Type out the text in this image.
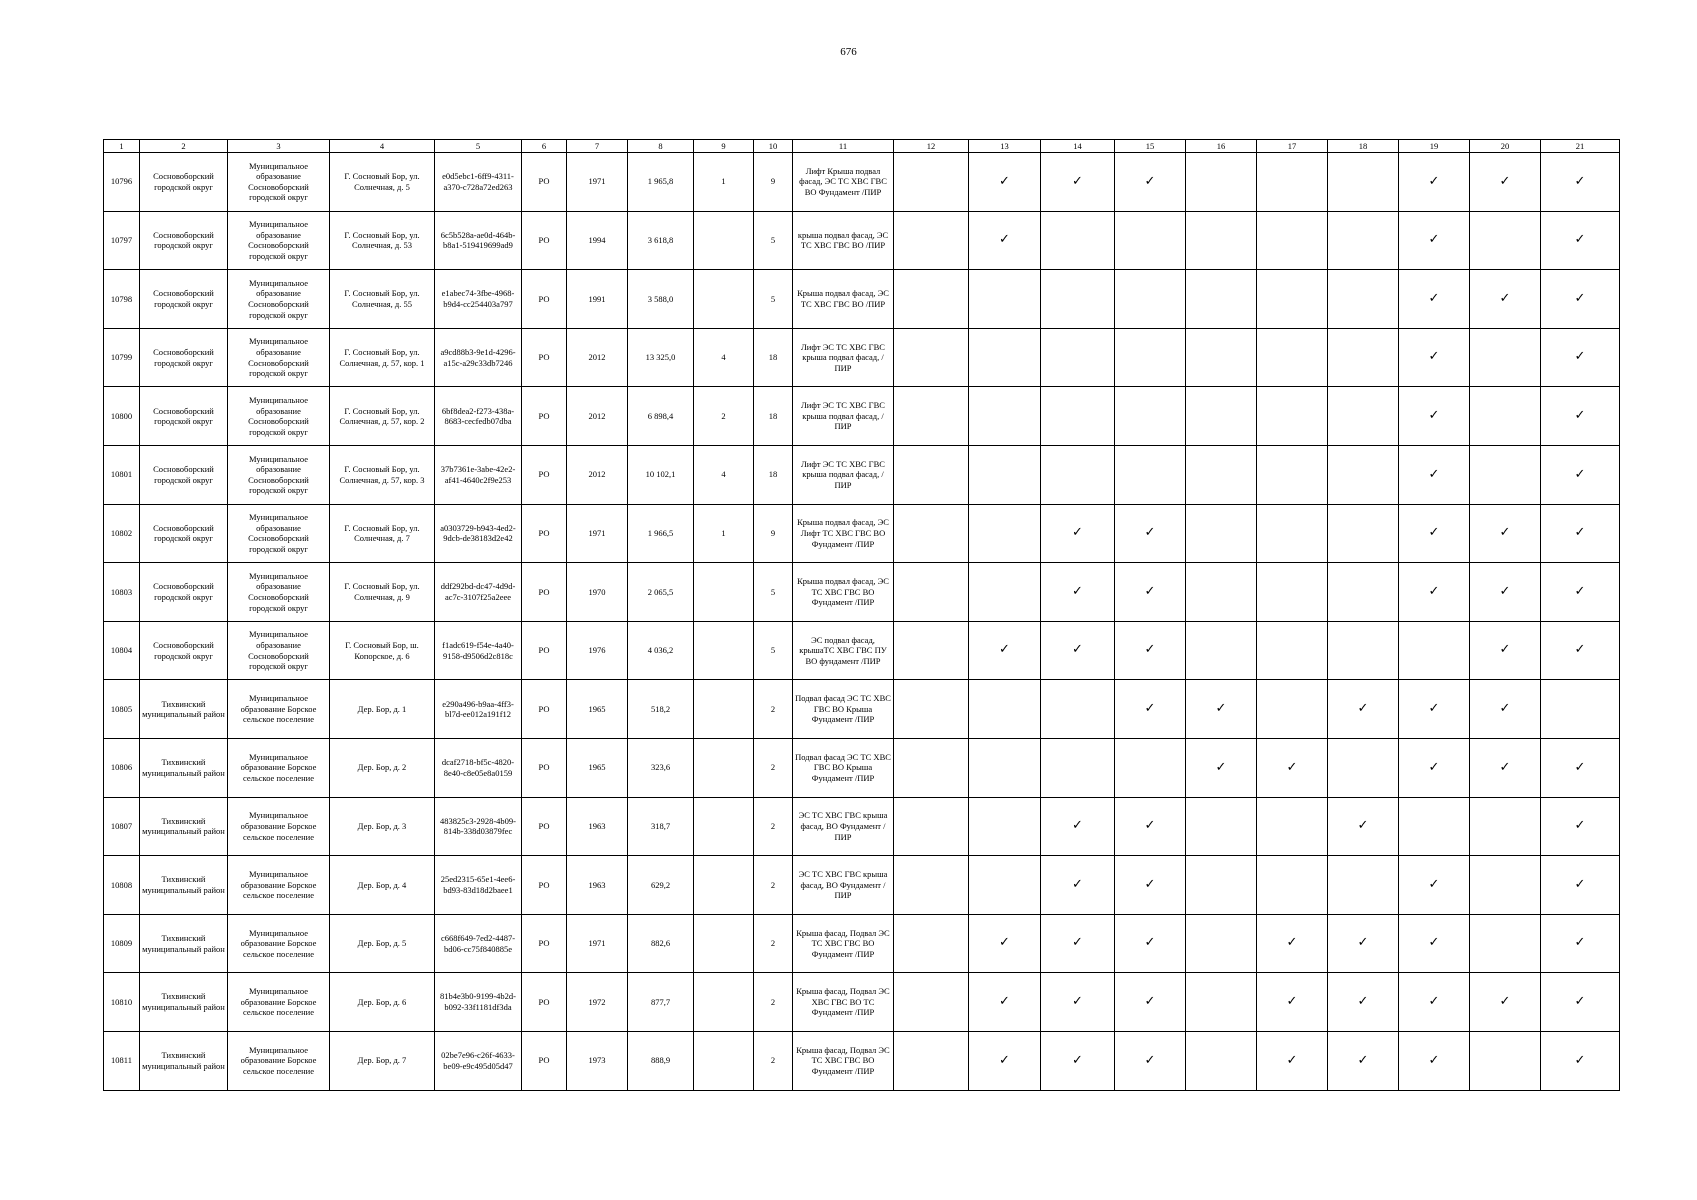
676
1	2	3	4	5	6	7	8	9	10	11	12	13	14	15	16	17	18	19	20	21
10796	Сосновоборский городской округ	Муниципальное образование Сосновоборский городской округ	Г. Сосновый Бор, ул. Солнечная, д. 5	e0d5ebc1-6ff9-4311-a370-c728a72ed263	РО	1971	1 965,8	1	9	Лифт Крыша подвал фасад, ЭС ТС ХВС ГВС ВО Фундамент /ПИР		✓	✓	✓				✓	✓	✓
10797	Сосновоборский городской округ	Муниципальное образование Сосновоборский городской округ	Г. Сосновый Бор, ул. Солнечная, д. 53	6c5b528a-ae0d-464b-b8a1-519419699ad9	РО	1994	3 618,8		5	крыша подвал фасад, ЭС ТС ХВС ГВС ВО /ПИР		✓						✓		✓
10798	Сосновоборский городской округ	Муниципальное образование Сосновоборский городской округ	Г. Сосновый Бор, ул. Солнечная, д. 55	e1abec74-3fbe-4968-b9d4-cc254403a797	РО	1991	3 588,0		5	Крыша подвал фасад, ЭС ТС ХВС ГВС ВО /ПИР								✓	✓	✓
10799	Сосновоборский городской округ	Муниципальное образование Сосновоборский городской округ	Г. Сосновый Бор, ул. Солнечная, д. 57, кор. 1	a9cd88b3-9e1d-4296-a15c-a29c33db7246	РО	2012	13 325,0	4	18	Лифт ЭС ТС ХВС ГВС крыша подвал фасад, /ПИР								✓		✓
10800	Сосновоборский городской округ	Муниципальное образование Сосновоборский городской округ	Г. Сосновый Бор, ул. Солнечная, д. 57, кор. 2	6bf8dea2-f273-438a-8683-cecfedb07dba	РО	2012	6 898,4	2	18	Лифт ЭС ТС ХВС ГВС крыша подвал фасад, /ПИР								✓		✓
10801	Сосновоборский городской округ	Муниципальное образование Сосновоборский городской округ	Г. Сосновый Бор, ул. Солнечная, д. 57, кор. 3	37b7361e-3abe-42e2-af41-4640c2f9e253	РО	2012	10 102,1	4	18	Лифт ЭС ТС ХВС ГВС крыша подвал фасад, /ПИР								✓		✓
10802	Сосновоборский городской округ	Муниципальное образование Сосновоборский городской округ	Г. Сосновый Бор, ул. Солнечная, д. 7	a0303729-b943-4ed2-9dcb-de38183d2e42	РО	1971	1 966,5	1	9	Крыша подвал фасад, ЭС Лифт ТС ХВС ГВС ВО Фундамент /ПИР			✓	✓				✓	✓	✓
10803	Сосновоборский городской округ	Муниципальное образование Сосновоборский городской округ	Г. Сосновый Бор, ул. Солнечная, д. 9	ddf292bd-dc47-4d9d-ac7c-3107f25a2eee	РО	1970	2 065,5		5	Крыша подвал фасад, ЭС ТС ХВС ГВС ВО Фундамент /ПИР			✓	✓				✓	✓	✓
10804	Сосновоборский городской округ	Муниципальное образование Сосновоборский городской округ	Г. Сосновый Бор, ш. Копорское, д. 6	f1adc619-f54e-4a40-9158-d9506d2c818c	РО	1976	4 036,2		5	ЭС подвал фасад, крышаТС ХВС ГВС ПУ ВО фундамент /ПИР		✓	✓	✓					✓	✓
10805	Тихвинский муниципальный район	Муниципальное образование Борское сельское поселение	Дер. Бор, д. 1	e290a496-b9aa-4ff3-bl7d-ee012a191f12	РО	1965	518,2		2	Подвал фасад ЭС ТС ХВС ГВС ВО Крыша Фундамент /ПИР				✓	✓		✓	✓	✓	
10806	Тихвинский муниципальный район	Муниципальное образование Борское сельское поселение	Дер. Бор, д. 2	dcaf2718-bf5c-4820-8e40-c8e05e8a0159	РО	1965	323,6		2	Подвал фасад ЭС ТС ХВС ГВС ВО Крыша Фундамент /ПИР					✓	✓		✓	✓	✓
10807	Тихвинский муниципальный район	Муниципальное образование Борское сельское поселение	Дер. Бор, д. 3	483825c3-2928-4b09-814b-338d03879fec	РО	1963	318,7		2	ЭС ТС ХВС ГВС крыша фасад, ВО Фундамент /ПИР			✓	✓			✓			✓
10808	Тихвинский муниципальный район	Муниципальное образование Борское сельское поселение	Дер. Бор, д. 4	25ed2315-65e1-4ee6-bd93-83d18d2baee1	РО	1963	629,2		2	ЭС ТС ХВС ГВС крыша фасад, ВО Фундамент /ПИР			✓	✓				✓		✓
10809	Тихвинский муниципальный район	Муниципальное образование Борское сельское поселение	Дер. Бор, д. 5	c668f649-7ed2-4487-bd06-cc75f840885e	РО	1971	882,6		2	Крыша фасад, Подвал ЭС ТС ХВС ГВС ВО Фундамент /ПИР		✓	✓	✓		✓	✓	✓		✓
10810	Тихвинский муниципальный район	Муниципальное образование Борское сельское поселение	Дер. Бор, д. 6	81b4e3b0-9199-4b2d-b092-33f1181df3da	РО	1972	877,7		2	Крыша фасад, Подвал ЭС ХВС ГВС ВО ТС Фундамент /ПИР		✓	✓	✓		✓	✓	✓	✓	✓
10811	Тихвинский муниципальный район	Муниципальное образование Борское сельское поселение	Дер. Бор, д. 7	02be7e96-c26f-4633-be09-e9c495d05d47	РО	1973	888,9		2	Крыша фасад, Подвал ЭС ТС ХВС ГВС ВО Фундамент /ПИР		✓	✓	✓		✓	✓	✓		✓
